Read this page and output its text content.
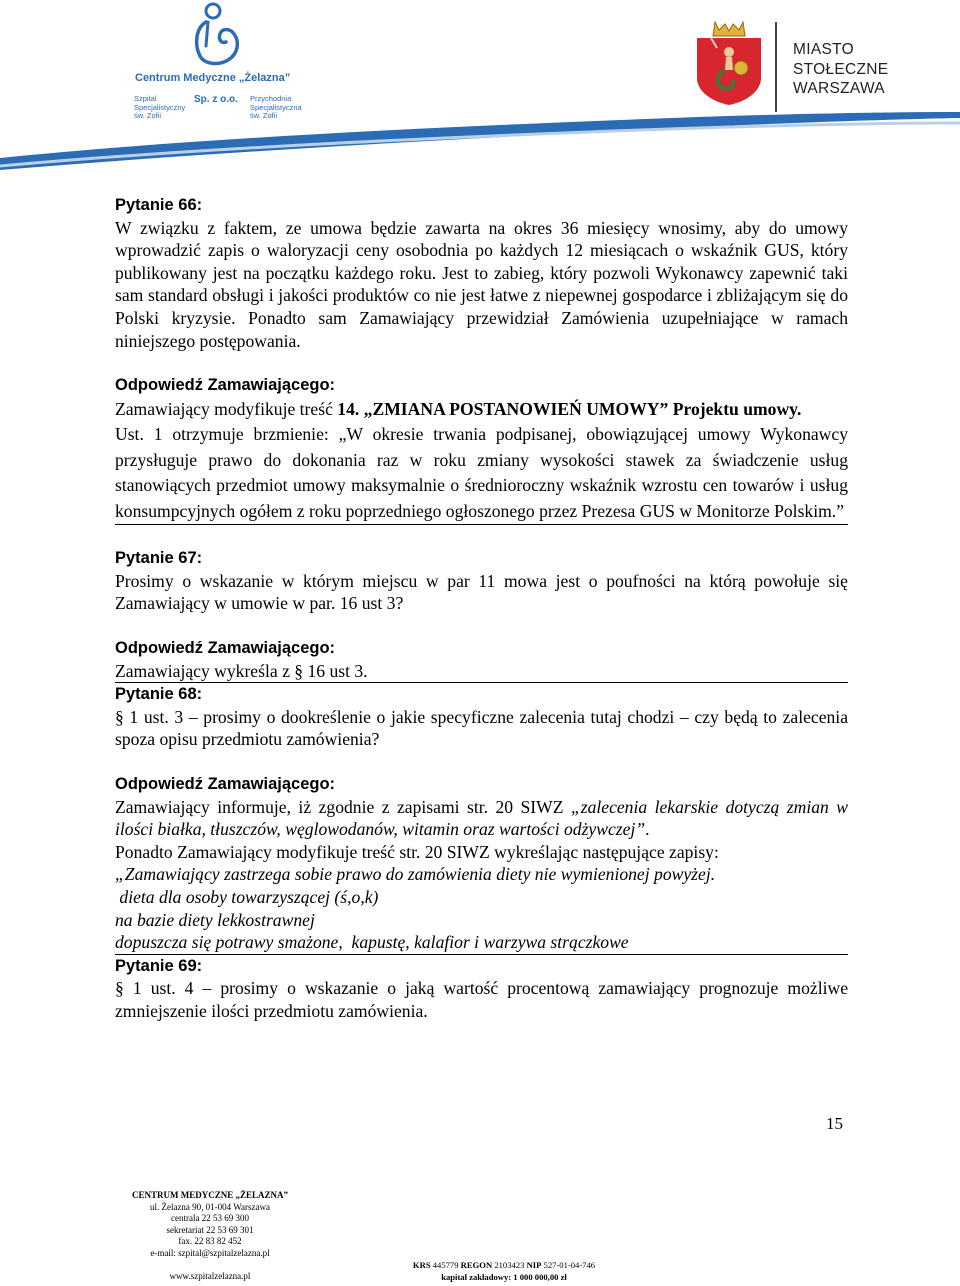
Centrum Medyczne „Żelazna”
Szpital
Specjalistyczny
św. Zofii
Sp. z o.o. Przychodnia
Specjalistyczna
św. Zofii
MIASTO
STOŁECZNE
WARSZAWA
Pytanie 66:

W związku z faktem, ze umowa będzie zawarta na okres 36 miesięcy wnosimy, aby do umowy wprowadzić zapis o waloryzacji ceny osobodnia po każdych 12 miesiącach o wskaźnik GUS, który publikowany jest na początku każdego roku. Jest to zabieg, który pozwoli Wykonawcy zapewnić taki sam standard obsługi i jakości produktów co nie jest łatwe z niepewnej gospodarce i zbliżającym się do Polski kryzysie. Ponadto sam Zamawiający przewidział Zamówienia uzupełniające w ramach niniejszego postępowania.

Odpowiedź Zamawiającego:

Zamawiający modyfikuje treść 14. „ZMIANA POSTANOWIEŃ UMOWY” Projektu umowy.

Ust. 1 otrzymuje brzmienie: „W okresie trwania podpisanej, obowiązującej umowy Wykonawcy przysługuje prawo do dokonania raz w roku zmiany wysokości stawek za świadczenie usług stanowiących przedmiot umowy maksymalnie o średnioroczny wskaźnik wzrostu cen towarów i usług konsumpcyjnych ogółem z roku poprzedniego ogłoszonego przez Prezesa GUS w Monitorze Polskim.”

Pytanie 67:

Prosimy o wskazanie w którym miejscu w par 11 mowa jest o poufności na którą powołuje się Zamawiający w umowie w par. 16 ust 3?

Odpowiedź Zamawiającego:

Zamawiający wykreśla z § 16 ust 3.

Pytanie 68:

§ 1 ust. 3 – prosimy o dookreślenie o jakie specyficzne zalecenia tutaj chodzi – czy będą to zalecenia spoza opisu przedmiotu zamówienia?

Odpowiedź Zamawiającego:

Zamawiający informuje, iż zgodnie z zapisami str. 20 SIWZ „zalecenia lekarskie dotyczą zmian w ilości białka, tłuszczów, węglowodanów, witamin oraz wartości odżywczej”.

Ponadto Zamawiający modyfikuje treść str. 20 SIWZ wykreślając następujące zapisy:

„Zamawiający zastrzega sobie prawo do zamówienia diety nie wymienionej powyżej.

dieta dla osoby towarzyszącej (ś,o,k)

na bazie diety lekkostrawnej

dopuszcza się potrawy smażone,  kapustę, kalafior i warzywa strączkowe

Pytanie 69:

§ 1 ust. 4 – prosimy o wskazanie o jaką wartość procentową zamawiający prognozuje możliwe zmniejszenie ilości przedmiotu zamówienia.

15
CENTRUM MEDYCZNE „ŻELAZNA”
ul. Żelazna 90, 01-004 Warszawa
centrala 22 53 69 300
sekretariat 22 53 69 301
fax. 22 83 82 452
e-mail: szpital@szpitalzelazna.pl
www.szpitalzelazna.pl
KRS 445779 REGON 2103423 NIP 527-01-04-746
kapitał zakładowy: 1 000 000,00 zł
